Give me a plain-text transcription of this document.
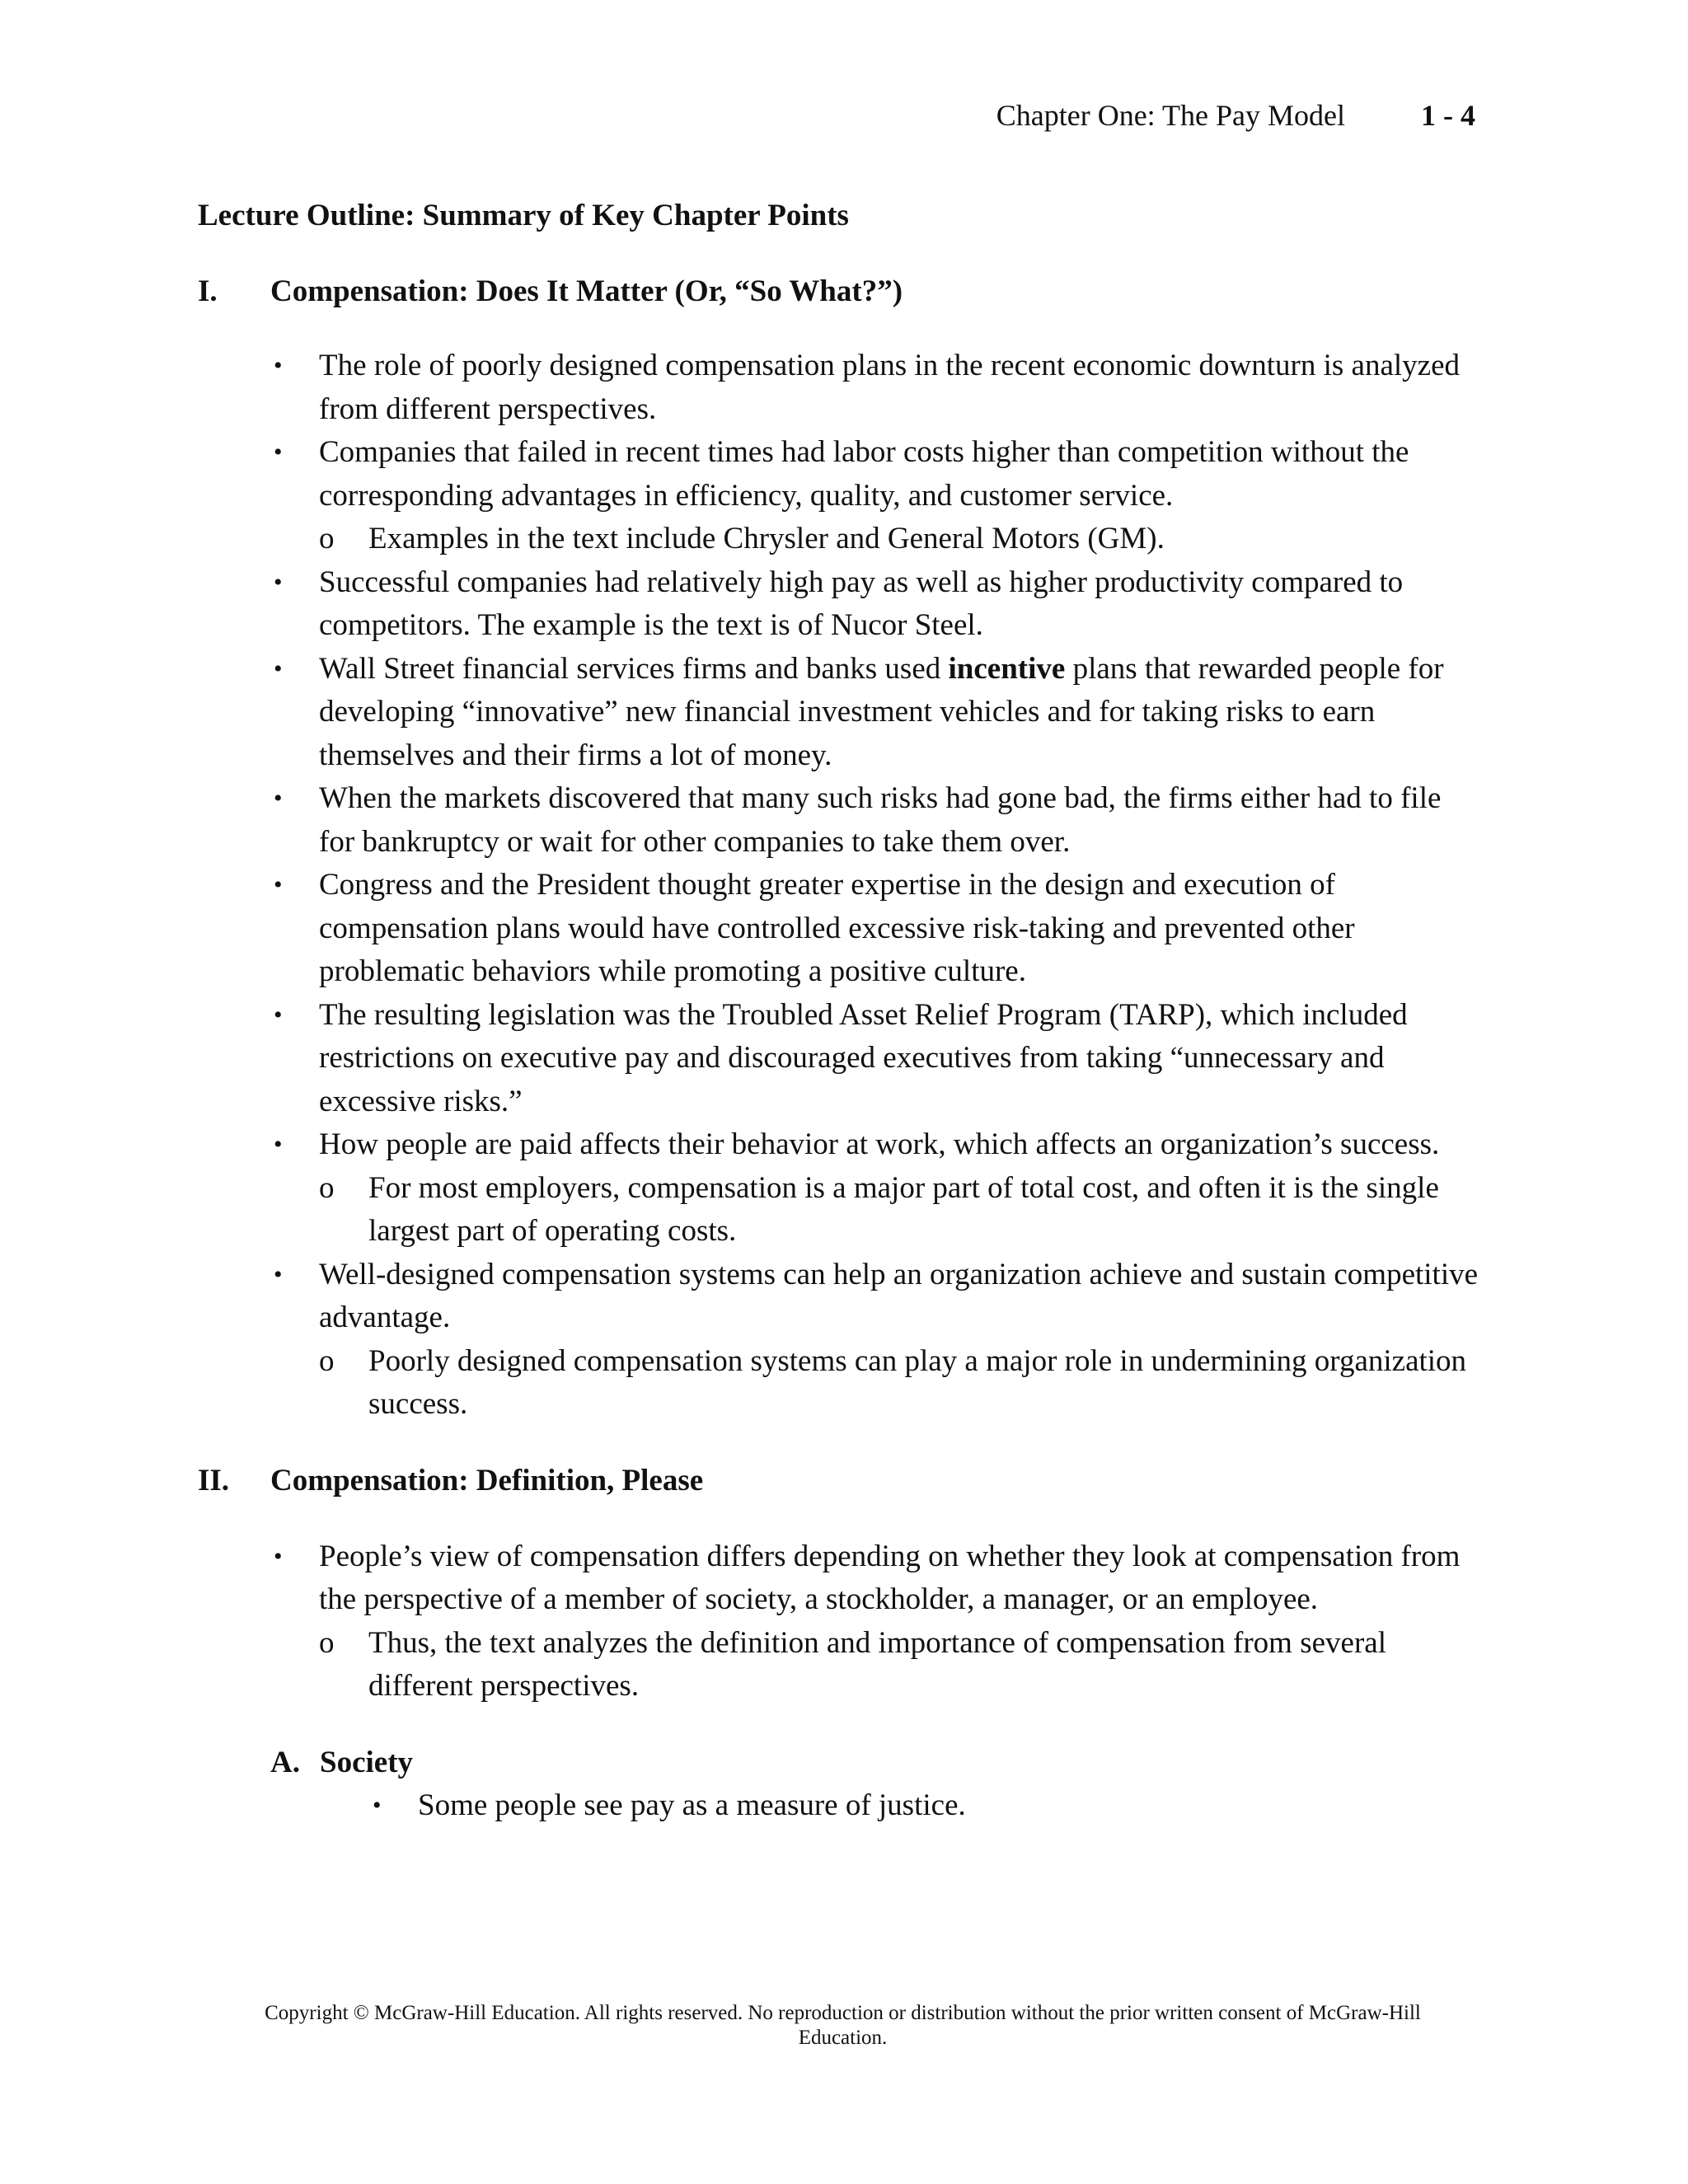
Chapter One: The Pay Model	1 - 4

Lecture Outline: Summary of Key Chapter Points

I.	Compensation: Does It Matter (Or, “So What?”)
• The role of poorly designed compensation plans in the recent economic downturn is analyzed from different perspectives.
• Companies that failed in recent times had labor costs higher than competition without the corresponding advantages in efficiency, quality, and customer service.
o Examples in the text include Chrysler and General Motors (GM).
• Successful companies had relatively high pay as well as higher productivity compared to competitors. The example is the text is of Nucor Steel.
• Wall Street financial services firms and banks used incentive plans that rewarded people for developing “innovative” new financial investment vehicles and for taking risks to earn themselves and their firms a lot of money.
• When the markets discovered that many such risks had gone bad, the firms either had to file for bankruptcy or wait for other companies to take them over.
• Congress and the President thought greater expertise in the design and execution of compensation plans would have controlled excessive risk-taking and prevented other problematic behaviors while promoting a positive culture.
• The resulting legislation was the Troubled Asset Relief Program (TARP), which included restrictions on executive pay and discouraged executives from taking “unnecessary and excessive risks.”
• How people are paid affects their behavior at work, which affects an organization’s success.
o For most employers, compensation is a major part of total cost, and often it is the single largest part of operating costs.
• Well-designed compensation systems can help an organization achieve and sustain competitive advantage.
o Poorly designed compensation systems can play a major role in undermining organization success.
II.	Compensation: Definition, Please
• People’s view of compensation differs depending on whether they look at compensation from the perspective of a member of society, a stockholder, a manager, or an employee.
o Thus, the text analyzes the definition and importance of compensation from several different perspectives.
A. Society
• Some people see pay as a measure of justice.
Copyright © McGraw-Hill Education. All rights reserved. No reproduction or distribution without the prior written consent of McGraw-Hill
Education.
